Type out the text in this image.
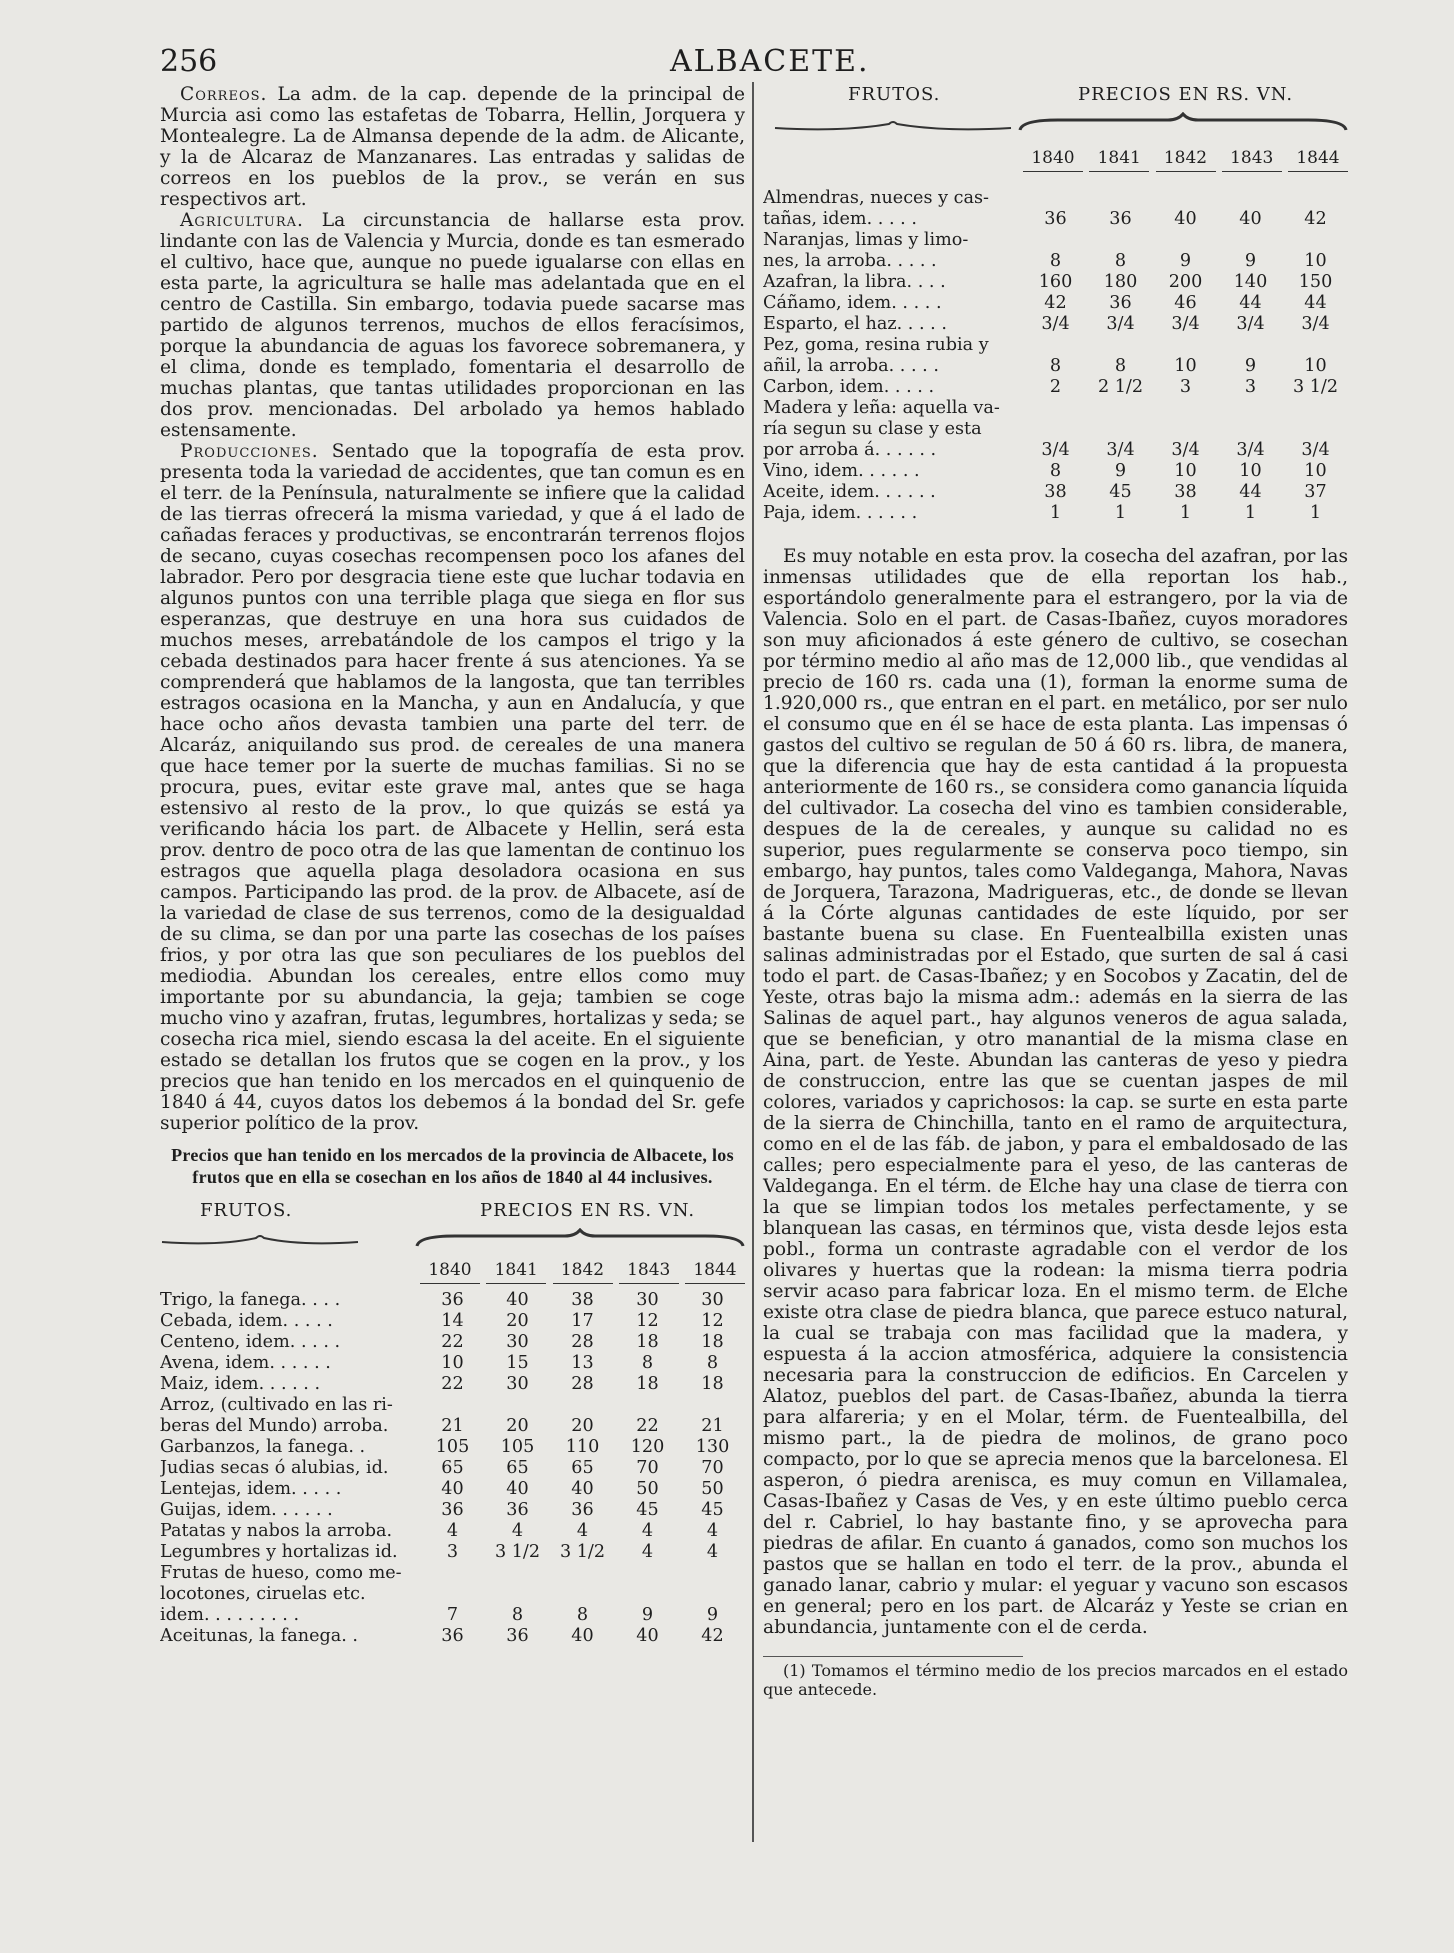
256	ALBACETE.

Correos. La adm. de la cap. depende de la principal de Murcia asi como las estafetas de Tobarra, Hellin, Jorquera y Montealegre. La de Almansa depende de la adm. de Alicante, y la de Alcaraz de Manzanares. Las entradas y salidas de correos en los pueblos de la prov., se verán en sus respectivos art.

Agricultura. La circunstancia de hallarse esta prov. lindante con las de Valencia y Murcia, donde es tan esmerado el cultivo, hace que, aunque no puede igualarse con ellas en esta parte, la agricultura se halle mas adelantada que en el centro de Castilla. Sin embargo, todavia puede sacarse mas partido de algunos terrenos, muchos de ellos feracísimos, porque la abundancia de aguas los favorece sobremanera, y el clima, donde es templado, fomentaria el desarrollo de muchas plantas, que tantas utilidades proporcionan en las dos prov. mencionadas. Del arbolado ya hemos hablado estensamente.

Producciones. Sentado que la topografía de esta prov. presenta toda la variedad de accidentes, que tan comun es en el terr. de la Península, naturalmente se infiere que la calidad de las tierras ofrecerá la misma variedad, y que á el lado de cañadas feraces y productivas, se encontrarán terrenos flojos de secano, cuyas cosechas recompensen poco los afanes del labrador. Pero por desgracia tiene este que luchar todavia en algunos puntos con una terrible plaga que siega en flor sus esperanzas, que destruye en una hora sus cuidados de muchos meses, arrebatándole de los campos el trigo y la cebada destinados para hacer frente á sus atenciones. Ya se comprenderá que hablamos de la langosta, que tan terribles estragos ocasiona en la Mancha, y aun en Andalucía, y que hace ocho años devasta tambien una parte del terr. de Alcaráz, aniquilando sus prod. de cereales de una manera que hace temer por la suerte de muchas familias. Si no se procura, pues, evitar este grave mal, antes que se haga estensivo al resto de la prov., lo que quizás se está ya verificando hácia los part. de Albacete y Hellin, será esta prov. dentro de poco otra de las que lamentan de continuo los estragos que aquella plaga desoladora ocasiona en sus campos. Participando las prod. de la prov. de Albacete, así de la variedad de clase de sus terrenos, como de la desigualdad de su clima, se dan por una parte las cosechas de los países frios, y por otra las que son peculiares de los pueblos del mediodia. Abundan los cereales, entre ellos como muy importante por su abundancia, la geja; tambien se coge mucho vino y azafran, frutas, legumbres, hortalizas y seda; se cosecha rica miel, siendo escasa la del aceite. En el siguiente estado se detallan los frutos que se cogen en la prov., y los precios que han tenido en los mercados en el quinquenio de 1840 á 44, cuyos datos los debemos á la bondad del Sr. gefe superior político de la prov.

Precios que han tenido en los mercados de la provincia de Albacete, los frutos que en ella se cosechan en los años de 1840 al 44 inclusives.
FRUTOS.	PRECIOS EN RS. VN.
1840	1841	1842	1843	1844
Trigo, la fanega. . . .	36	40	38	30	30
Cebada, idem. . . . .	14	20	17	12	12
Centeno, idem. . . . .	22	30	28	18	18
Avena, idem. . . . . .	10	15	13	8	8
Maiz, idem. . . . . .	22	30	28	18	18
Arroz, (cultivado en las ri-					
beras del Mundo) arroba.	21	20	20	22	21
Garbanzos, la fanega. .	105	105	110	120	130
Judias secas ó alubias, id.	65	65	65	70	70
Lentejas, idem. . . . .	40	40	40	50	50
Guijas, idem. . . . . .	36	36	36	45	45
Patatas y nabos la arroba.	4	4	4	4	4
Legumbres y hortalizas id.	3	3 1/2	3 1/2	4	4
Frutas de hueso, como me-					
locotones, ciruelas etc.					
idem. . . . . . . . .	7	8	8	9	9
Aceitunas, la fanega. .	36	36	40	40	42
FRUTOS.	PRECIOS EN RS. VN.
1840	1841	1842	1843	1844
Almendras, nueces y cas-					
tañas, idem. . . . .	36	36	40	40	42
Naranjas, limas y limo-					
nes, la arroba. . . . .	8	8	9	9	10
Azafran, la libra. . . .	160	180	200	140	150
Cáñamo, idem. . . . .	42	36	46	44	44
Esparto, el haz. . . . .	3/4	3/4	3/4	3/4	3/4
Pez, goma, resina rubia y					
añil, la arroba. . . . .	8	8	10	9	10
Carbon, idem. . . . .	2	2 1/2	3	3	3 1/2
Madera y leña: aquella va-					
ría segun su clase y esta					
por arroba á. . . . . .	3/4	3/4	3/4	3/4	3/4
Vino, idem. . . . . .	8	9	10	10	10
Aceite, idem. . . . . .	38	45	38	44	37
Paja, idem. . . . . .	1	1	1	1	1

Es muy notable en esta prov. la cosecha del azafran, por las inmensas utilidades que de ella reportan los hab., esportándolo generalmente para el estrangero, por la via de Valencia. Solo en el part. de Casas-Ibañez, cuyos moradores son muy aficionados á este género de cultivo, se cosechan por término medio al año mas de 12,000 lib., que vendidas al precio de 160 rs. cada una (1), forman la enorme suma de 1.920,000 rs., que entran en el part. en metálico, por ser nulo el consumo que en él se hace de esta planta. Las impensas ó gastos del cultivo se regulan de 50 á 60 rs. libra, de manera, que la diferencia que hay de esta cantidad á la propuesta anteriormente de 160 rs., se considera como ganancia líquida del cultivador. La cosecha del vino es tambien considerable, despues de la de cereales, y aunque su calidad no es superior, pues regularmente se conserva poco tiempo, sin embargo, hay puntos, tales como Valdeganga, Mahora, Navas de Jorquera, Tarazona, Madrigueras, etc., de donde se llevan á la Córte algunas cantidades de este líquido, por ser bastante buena su clase. En Fuentealbilla existen unas salinas administradas por el Estado, que surten de sal á casi todo el part. de Casas-Ibañez; y en Socobos y Zacatin, del de Yeste, otras bajo la misma adm.: además en la sierra de las Salinas de aquel part., hay algunos veneros de agua salada, que se benefician, y otro manantial de la misma clase en Aina, part. de Yeste. Abundan las canteras de yeso y piedra de construccion, entre las que se cuentan jaspes de mil colores, variados y caprichosos: la cap. se surte en esta parte de la sierra de Chinchilla, tanto en el ramo de arquitectura, como en el de las fáb. de jabon, y para el embaldosado de las calles; pero especialmente para el yeso, de las canteras de Valdeganga. En el térm. de Elche hay una clase de tierra con la que se limpian todos los metales perfectamente, y se blanquean las casas, en términos que, vista desde lejos esta pobl., forma un contraste agradable con el verdor de los olivares y huertas que la rodean: la misma tierra podria servir acaso para fabricar loza. En el mismo term. de Elche existe otra clase de piedra blanca, que parece estuco natural, la cual se trabaja con mas facilidad que la madera, y espuesta á la accion atmosférica, adquiere la consistencia necesaria para la construccion de edificios. En Carcelen y Alatoz, pueblos del part. de Casas-Ibañez, abunda la tierra para alfareria; y en el Molar, térm. de Fuentealbilla, del mismo part., la de piedra de molinos, de grano poco compacto, por lo que se aprecia menos que la barcelonesa. El asperon, ó piedra arenisca, es muy comun en Villamalea, Casas-Ibañez y Casas de Ves, y en este último pueblo cerca del r. Cabriel, lo hay bastante fino, y se aprovecha para piedras de afilar. En cuanto á ganados, como son muchos los pastos que se hallan en todo el terr. de la prov., abunda el ganado lanar, cabrio y mular: el yeguar y vacuno son escasos en general; pero en los part. de Alcaráz y Yeste se crian en abundancia, juntamente con el de cerda.

(1) Tomamos el término medio de los precios marcados en el estado que antecede.
